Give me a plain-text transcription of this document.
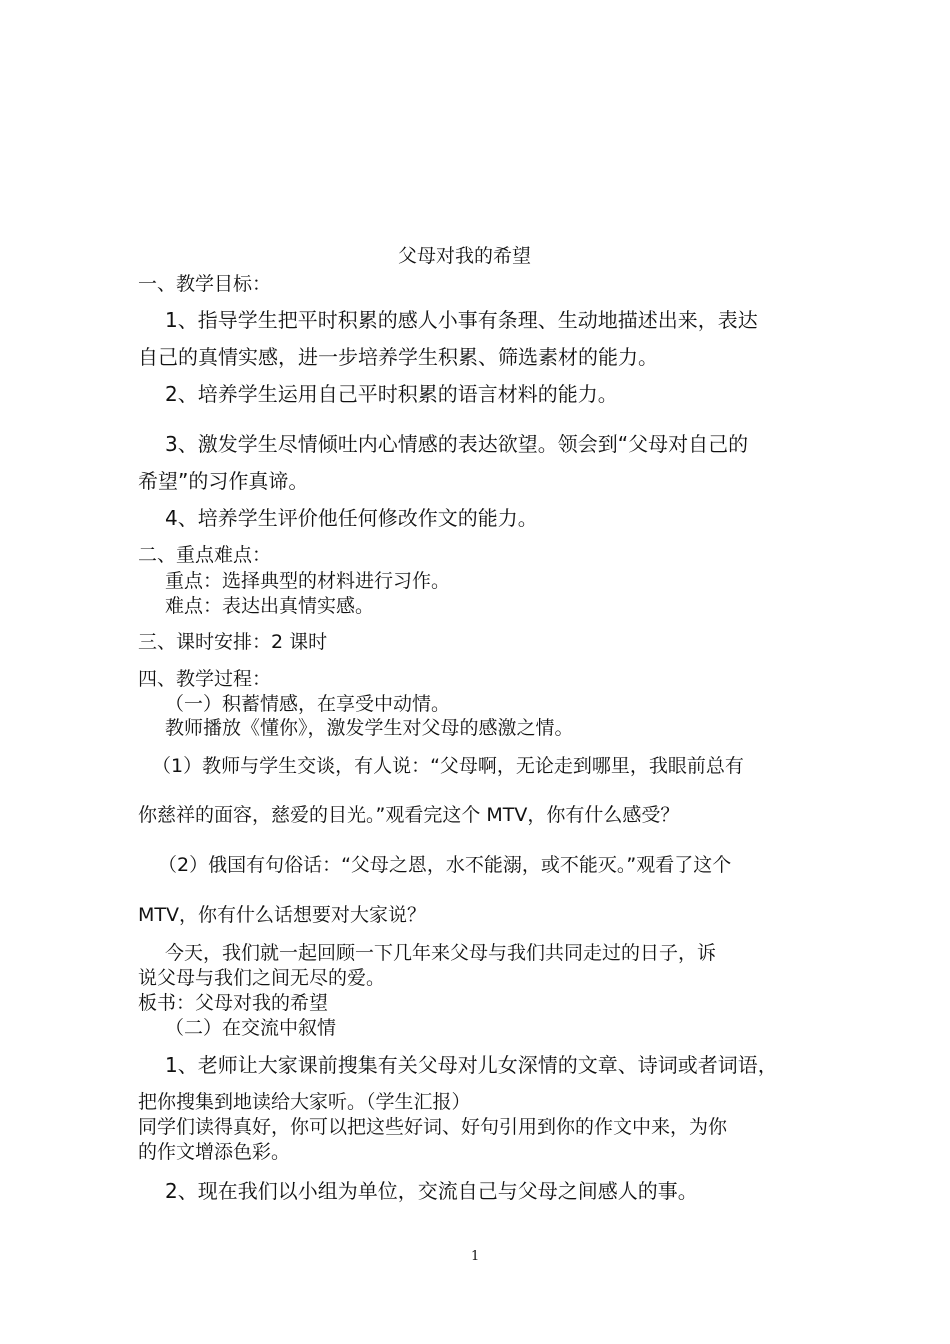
父母对我的希望
一、教学目标：
1、指导学生把平时积累的感人小事有条理、生动地描述出来，表达
自己的真情实感，进一步培养学生积累、筛选素材的能力。
2、培养学生运用自己平时积累的语言材料的能力。
3、激发学生尽情倾吐内心情感的表达欲望。领会到“父母对自己的
希望”的习作真谛。
4、培养学生评价他任何修改作文的能力。
二、重点难点：
重点：选择典型的材料进行习作。
难点：表达出真情实感。
三、课时安排：2 课时
四、教学过程：
（一）积蓄情感，在享受中动情。
教师播放《懂你》，激发学生对父母的感激之情。
（1）教师与学生交谈，有人说：“父母啊，无论走到哪里，我眼前总有
你慈祥的面容，慈爱的目光。”观看完这个 MTV，你有什么感受？
（2）俄国有句俗话：“父母之恩，水不能溺，或不能灭。”观看了这个
MTV，你有什么话想要对大家说？
今天，我们就一起回顾一下几年来父母与我们共同走过的日子，诉
说父母与我们之间无尽的爱。
板书：父母对我的希望
（二）在交流中叙情
1、老师让大家课前搜集有关父母对儿女深情的文章、诗词或者词语，
把你搜集到地读给大家听。（学生汇报）
同学们读得真好，你可以把这些好词、好句引用到你的作文中来，为你
的作文增添色彩。
2、现在我们以小组为单位，交流自己与父母之间感人的事。
1
